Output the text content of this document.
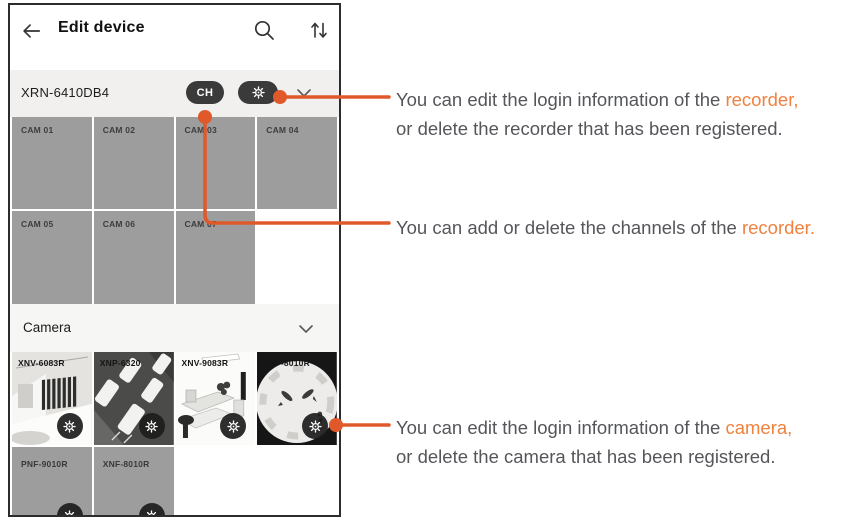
Edit device
XRN-6410DB4	CH
CAM 01	CAM 02	CAM 03	CAM 04
CAM 05	CAM 06	CAM 07
Camera
XNV-6083R	XNP-6320	XNV-9083R	XNF-8010R
PNF-9010R	XNF-8010R
You can edit the login information of the recorder,
or delete the recorder that has been registered.
You can add or delete the channels of the recorder.
You can edit the login information of the camera,
or delete the camera that has been registered.
